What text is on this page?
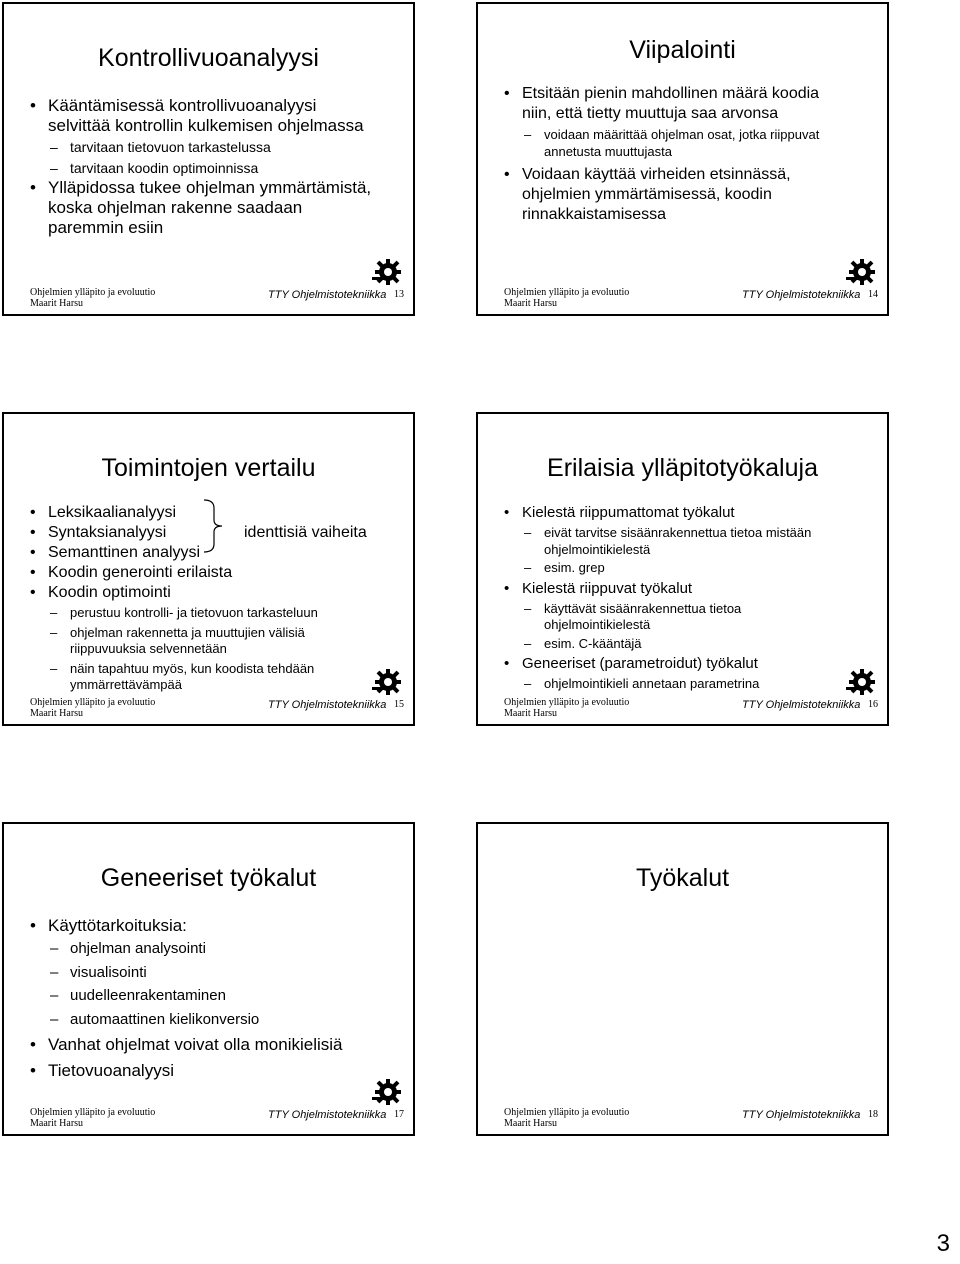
Kontrollivuoanalyysi
• Kääntämisessä kontrollivuoanalyysi selvittää kontrollin kulkemisen ohjelmassa
– tarvitaan tietovuon tarkastelussa
– tarvitaan koodin optimoinnissa
• Ylläpidossa tukee ohjelman ymmärtämistä, koska ohjelman rakenne saadaan paremmin esiin
Ohjelmien ylläpito ja evoluutio
Maarit Harsu
TTY Ohjelmistotekniikka 13
Viipalointi
• Etsitään pienin mahdollinen määrä koodia niin, että tietty muuttuja saa arvonsa
– voidaan määrittää ohjelman osat, jotka riippuvat annetusta muuttujasta
• Voidaan käyttää virheiden etsinnässä, ohjelmien ymmärtämisessä, koodin rinnakkaistamisessa
Ohjelmien ylläpito ja evoluutio
Maarit Harsu
TTY Ohjelmistotekniikka 14
Toimintojen vertailu
• Leksikaalianalyysi
• Syntaksianalyysi
• Semanttinen analyysi
• Koodin generointi erilaista
• Koodin optimointi
– perustuu kontrolli- ja tietovuon tarkasteluun
– ohjelman rakennetta ja muuttujien välisiä riippuvuuksia selvennetään
– näin tapahtuu myös, kun koodista tehdään ymmärrettävämpää
identtisiä vaiheita
Ohjelmien ylläpito ja evoluutio
Maarit Harsu
TTY Ohjelmistotekniikka 15
Erilaisia ylläpitotyökaluja
• Kielestä riippumattomat työkalut
– eivät tarvitse sisäänrakennettua tietoa mistään ohjelmointikielestä
– esim. grep
• Kielestä riippuvat työkalut
– käyttävät sisäänrakennettua tietoa ohjelmointikielestä
– esim. C-kääntäjä
• Geneeriset (parametroidut) työkalut
– ohjelmointikieli annetaan parametrina
Ohjelmien ylläpito ja evoluutio
Maarit Harsu
TTY Ohjelmistotekniikka 16
Geneeriset työkalut
• Käyttötarkoituksia:
– ohjelman analysointi
– visualisointi
– uudelleenrakentaminen
– automaattinen kielikonversio
• Vanhat ohjelmat voivat olla monikielisiä
• Tietovuoanalyysi
Ohjelmien ylläpito ja evoluutio
Maarit Harsu
TTY Ohjelmistotekniikka 17
Työkalut
Ohjelmien ylläpito ja evoluutio
Maarit Harsu
TTY Ohjelmistotekniikka 18
3
